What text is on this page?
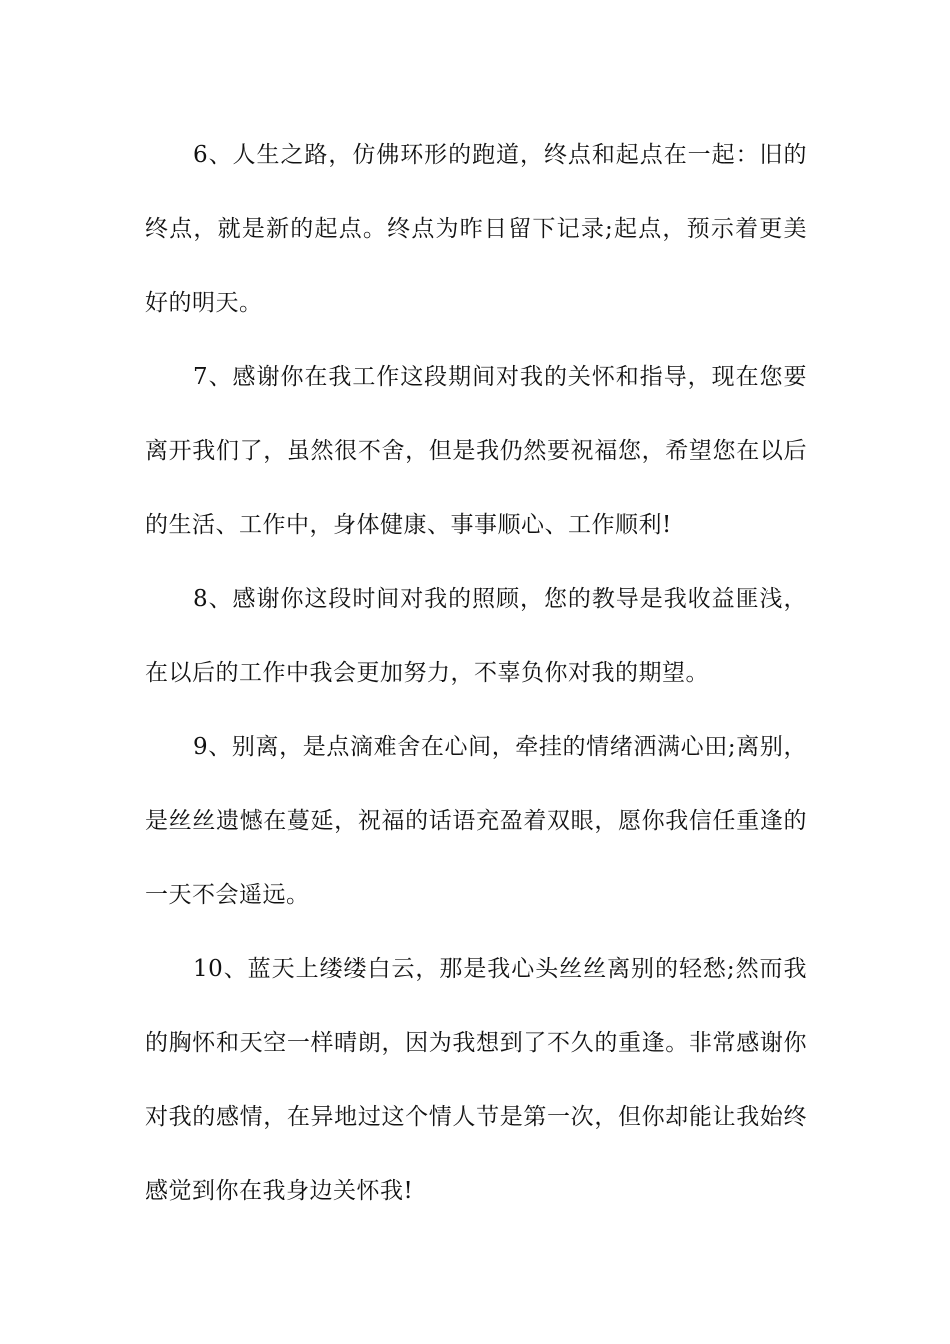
6、人生之路，仿佛环形的跑道，终点和起点在一起：旧的终点，就是新的起点。终点为昨日留下记录;起点，预示着更美好的明天。

7、感谢你在我工作这段期间对我的关怀和指导，现在您要离开我们了，虽然很不舍，但是我仍然要祝福您，希望您在以后的生活、工作中，身体健康、事事顺心、工作顺利!

8、感谢你这段时间对我的照顾，您的教导是我收益匪浅，在以后的工作中我会更加努力，不辜负你对我的期望。

9、别离，是点滴难舍在心间，牵挂的情绪洒满心田;离别，是丝丝遗憾在蔓延，祝福的话语充盈着双眼，愿你我信任重逢的一天不会遥远。

10、蓝天上缕缕白云，那是我心头丝丝离别的轻愁;然而我的胸怀和天空一样晴朗，因为我想到了不久的重逢。非常感谢你对我的感情，在异地过这个情人节是第一次，但你却能让我始终感觉到你在我身边关怀我!
